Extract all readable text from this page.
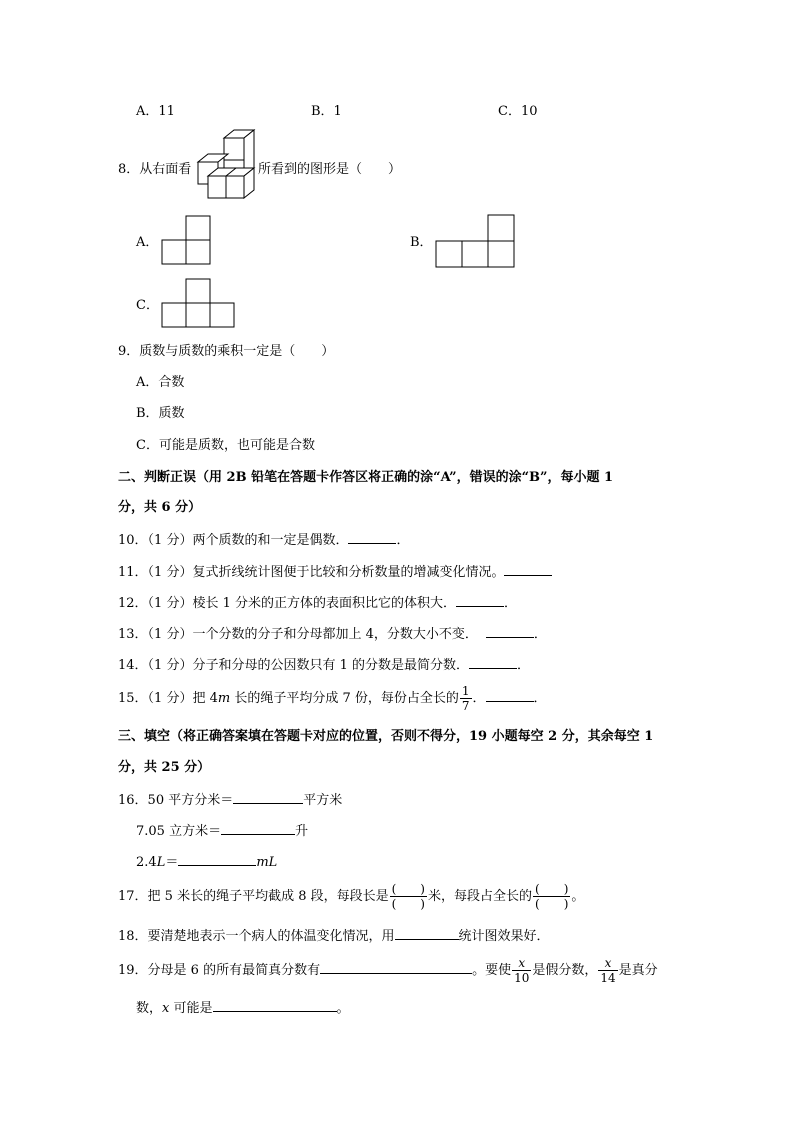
A．11	B．1	C．10
8．从右面看	所看到的图形是（　　）
A．	B．
C．
9．质数与质数的乘积一定是（　　）
A．合数
B．质数
C．可能是质数，也可能是合数
二、判断正误（用 2B 铅笔在答题卡作答区将正确的涂“A”，错误的涂“B”，每小题 1
分，共 6 分）
10．（1 分）两个质数的和一定是偶数．	．
11．（1 分）复式折线统计图便于比较和分析数量的增减变化情况。
12．（1 分）棱长 1 分米的正方体的表面积比它的体积大．	．
13．（1 分）一个分数的分子和分母都加上 4，分数大小不变．	．
14．（1 分）分子和分母的公因数只有 1 的分数是最简分数．	．
15．（1 分）把 4m 长的绳子平均分成 7 份，每份占全长的 $\frac{1}{7}$ ．	．
三、填空（将正确答案填在答题卡对应的位置，否则不得分，19 小题每空 2 分，其余每空 1
分，共 25 分）
16．50 平方分米＝	平方米
7.05 立方米＝	升
2.4L＝	mL
17．把 5 米长的绳子平均截成 8 段，每段长是 $\frac{( )}{( )}$ 米，每段占全长的 $\frac{( )}{( )}$ 。
18．要清楚地表示一个病人的体温变化情况，用	统计图效果好．
19．分母是 6 的所有最简真分数有	。要使 $\frac{x}{10}$ 是假分数， $\frac{x}{14}$ 是真分
数，x 可能是	。
